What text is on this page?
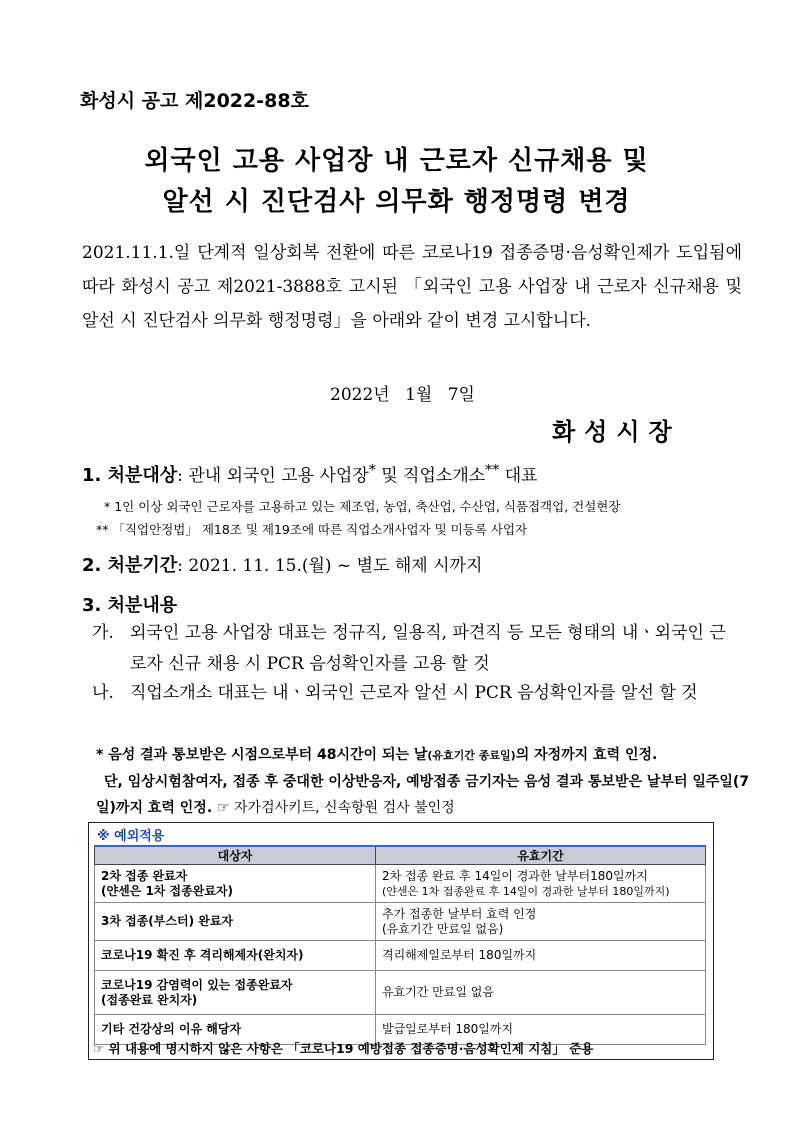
화성시 공고 제2022-88호
외국인 고용 사업장 내 근로자 신규채용 및
알선 시 진단검사 의무화 행정명령 변경
2021.11.1.일 단계적 일상회복 전환에 따른 코로나19 접종증명·음성확인제가 도입됨에 따라 화성시 공고 제2021-3888호 고시된 「외국인 고용 사업장 내 근로자 신규채용 및 알선 시 진단검사 의무화 행정명령」을 아래와 같이 변경 고시합니다.
2022년 1월 7일
화성시장
1. 처분대상: 관내 외국인 고용 사업장* 및 직업소개소** 대표
* 1인 이상 외국인 근로자를 고용하고 있는 제조업, 농업, 축산업, 수산업, 식품접객업, 건설현장
** 「직업안정법」 제18조 및 제19조에 따른 직업소개사업자 및 미등록 사업자
2. 처분기간: 2021. 11. 15.(월) ~ 별도 해제 시까지
3. 처분내용
가. 외국인 고용 사업장 대표는 정규직, 일용직, 파견직 등 모든 형태의 내ㆍ외국인 근로자 신규 채용 시 PCR 음성확인자를 고용 할 것
나. 직업소개소 대표는 내ㆍ외국인 근로자 알선 시 PCR 음성확인자를 알선 할 것
* 음성 결과 통보받은 시점으로부터 48시간이 되는 날(유효기간 종료일)의 자정까지 효력 인정.
단, 임상시험참여자, 접종 후 중대한 이상반응자, 예방접종 금기자는 음성 결과 통보받은 날부터 일주일(7일)까지 효력 인정. ☞ 자가검사키트, 신속항원 검사 불인정
※ 예외적용
대상자	유효기간
2차 접종 완료자
(얀센은 1차 접종완료자)	2차 접종 완료 후 14일이 경과한 날부터180일까지
(얀센은 1차 접종완료 후 14일이 경과한 날부터 180일까지)
3차 접종(부스터) 완료자	추가 접종한 날부터 효력 인정
(유효기간 만료일 없음)
코로나19 확진 후 격리해제자(완치자)	격리해제일로부터 180일까지
코로나19 감염력이 있는 접종완료자
(접종완료 완치자)	유효기간 만료일 없음
기타 건강상의 이유 해당자	발급일로부터 180일까지
☞ 위 내용에 명시하지 않은 사항은 「코로나19 예방접종 접종증명·음성확인제 지침」 준용
